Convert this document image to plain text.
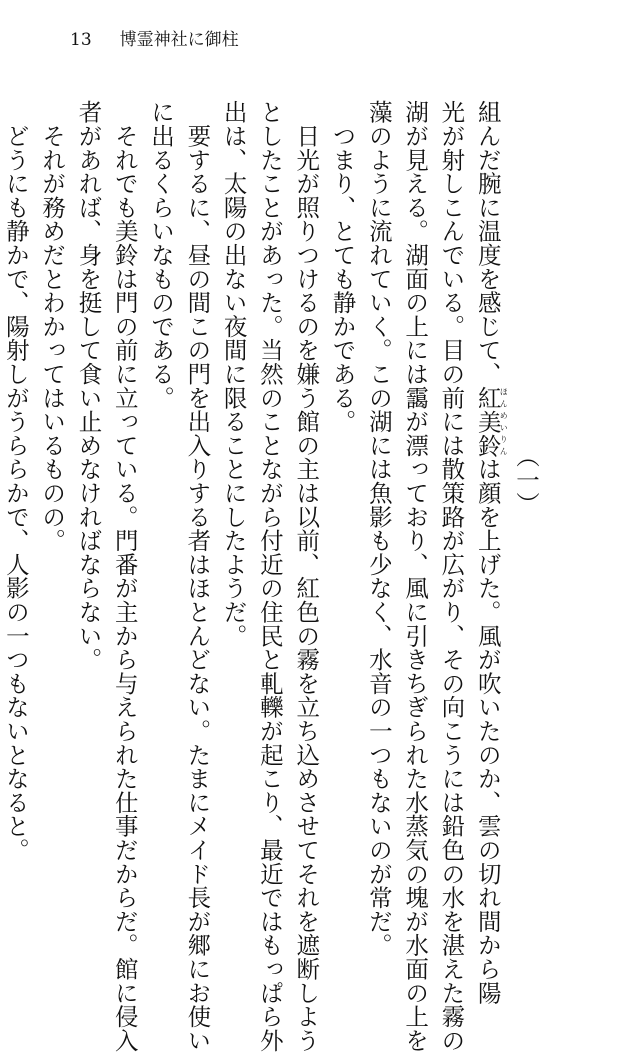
13 博霊神社に御柱
（一）
組んだ腕に温度を感じて、紅美鈴ほんめいりんは顔を上げた。風が吹いたのか、雲の切れ間から陽
光が射しこんでいる。目の前には散策路が広がり、その向こうには鉛色の水を湛えた霧の
湖が見える。湖面の上には靄が漂っており、風に引きちぎられた水蒸気の塊が水面の上を
藻のように流れていく。この湖には魚影も少なく、水音の一つもないのが常だ。
　つまり、とても静かである。
　日光が照りつけるのを嫌う館の主は以前、紅色の霧を立ち込めさせてそれを遮断しよう
としたことがあった。当然のことながら付近の住民と軋轢が起こり、最近ではもっぱら外
出は、太陽の出ない夜間に限ることにしたようだ。
　要するに、昼の間この門を出入りする者はほとんどない。たまにメイド長が郷にお使い
に出るくらいなものである。
　それでも美鈴は門の前に立っている。門番が主から与えられた仕事だからだ。館に侵入
者があれば、身を挺して食い止めなければならない。
　それが務めだとわかってはいるものの。
　どうにも静かで、陽射しがうららかで、人影の一つもないとなると。
